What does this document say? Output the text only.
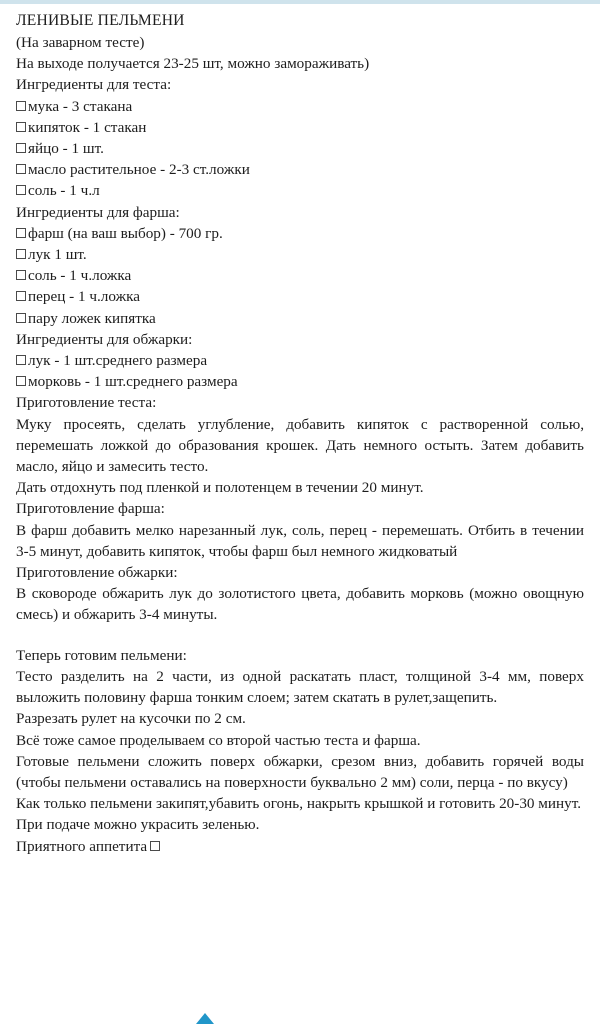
ЛЕНИВЫЕ ПЕЛЬМЕНИ
(На заварном тесте)
На выходе получается 23-25 шт, можно замораживать)
Ингредиенты для теста:
мука - 3 стакана
кипяток - 1 стакан
яйцо - 1 шт.
масло растительное - 2-3 ст.ложки
соль - 1 ч.л
Ингредиенты для фарша:
фарш (на ваш выбор) - 700 гр.
лук 1 шт.
соль - 1 ч.ложка
перец - 1 ч.ложка
пару ложек кипятка
Ингредиенты для обжарки:
лук - 1 шт.среднего размера
морковь - 1 шт.среднего размера
Приготовление теста:
Муку просеять, сделать углубление, добавить кипяток с растворенной солью, перемешать ложкой до образования крошек. Дать немного остыть. Затем добавить масло, яйцо и замесить тесто.
Дать отдохнуть под пленкой и полотенцем в течении 20 минут.
Приготовление фарша:
В фарш добавить мелко нарезанный лук, соль, перец - перемешать. Отбить в течении 3-5 минут, добавить кипяток, чтобы фарш был немного жидковатый
Приготовление обжарки:
В сковороде обжарить лук до золотистого цвета, добавить морковь (можно овощную смесь) и обжарить 3-4 минуты.
Теперь готовим пельмени:
Тесто разделить на 2 части, из одной раскатать пласт, толщиной 3-4 мм, поверх выложить половину фарша тонким слоем; затем скатать в рулет,защепить.
Разрезать рулет на кусочки по 2 см.
Всё тоже самое проделываем со второй частью теста и фарша.
Готовые пельмени сложить поверх обжарки, срезом вниз, добавить горячей воды (чтобы пельмени оставались на поверхности буквально 2 мм) соли, перца - по вкусу)
Как только пельмени закипят,убавить огонь, накрыть крышкой и готовить 20-30 минут.
При подаче можно украсить зеленью.
Приятного аппетита
